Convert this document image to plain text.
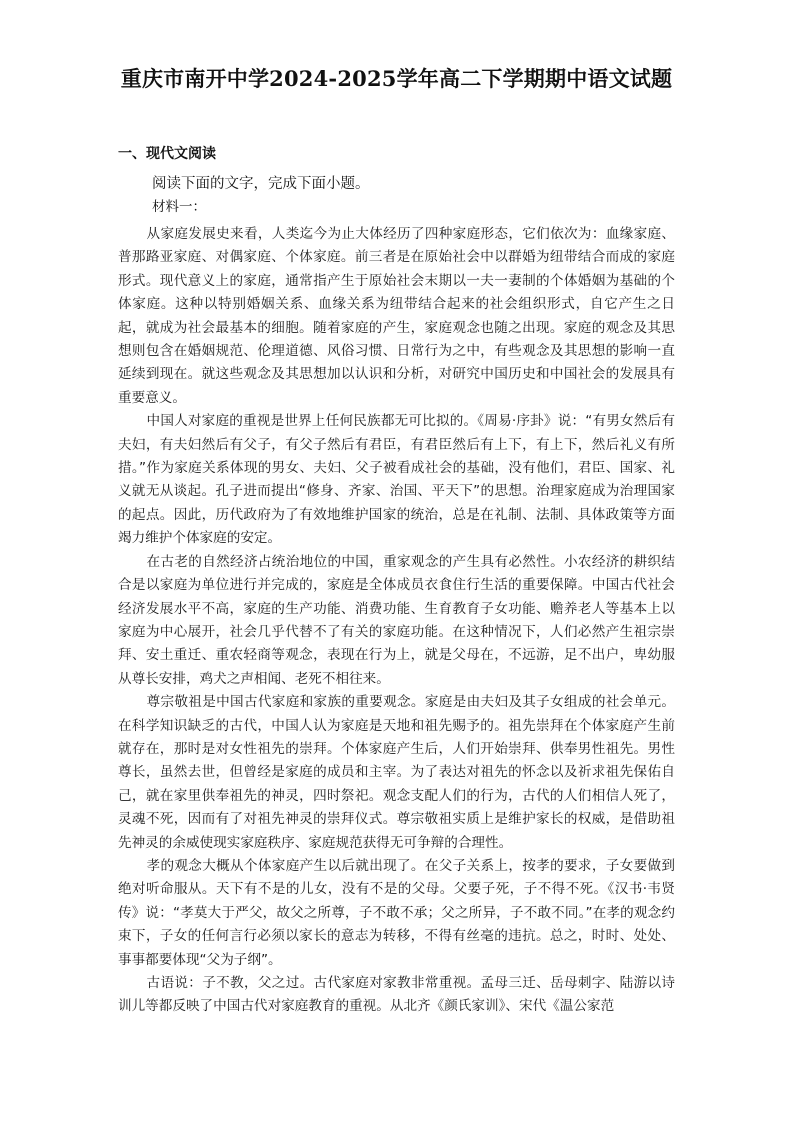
重庆市南开中学2024-2025学年高二下学期期中语文试题
一、现代文阅读
阅读下面的文字，完成下面小题。
材料一：

从家庭发展史来看，人类迄今为止大体经历了四种家庭形态，它们依次为：血缘家庭、普那路亚家庭、对偶家庭、个体家庭。前三者是在原始社会中以群婚为纽带结合而成的家庭形式。现代意义上的家庭，通常指产生于原始社会末期以一夫一妻制的个体婚姻为基础的个体家庭。这种以特别婚姻关系、血缘关系为纽带结合起来的社会组织形式，自它产生之日起，就成为社会最基本的细胞。随着家庭的产生，家庭观念也随之出现。家庭的观念及其思想则包含在婚姻规范、伦理道德、风俗习惯、日常行为之中，有些观念及其思想的影响一直延续到现在。就这些观念及其思想加以认识和分析，对研究中国历史和中国社会的发展具有重要意义。

中国人对家庭的重视是世界上任何民族都无可比拟的。《周易·序卦》说：“有男女然后有夫妇，有夫妇然后有父子，有父子然后有君臣，有君臣然后有上下，有上下，然后礼义有所措。”作为家庭关系体现的男女、夫妇、父子被看成社会的基础，没有他们，君臣、国家、礼义就无从谈起。孔子进而提出“修身、齐家、治国、平天下”的思想。治理家庭成为治理国家的起点。因此，历代政府为了有效地维护国家的统治，总是在礼制、法制、具体政策等方面竭力维护个体家庭的安定。

在古老的自然经济占统治地位的中国，重家观念的产生具有必然性。小农经济的耕织结合是以家庭为单位进行并完成的，家庭是全体成员衣食住行生活的重要保障。中国古代社会经济发展水平不高，家庭的生产功能、消费功能、生育教育子女功能、赡养老人等基本上以家庭为中心展开，社会几乎代替不了有关的家庭功能。在这种情况下，人们必然产生祖宗崇拜、安土重迁、重农轻商等观念，表现在行为上，就是父母在，不远游，足不出户，卑幼服从尊长安排，鸡犬之声相闻、老死不相往来。

尊宗敬祖是中国古代家庭和家族的重要观念。家庭是由夫妇及其子女组成的社会单元。在科学知识缺乏的古代，中国人认为家庭是天地和祖先赐予的。祖先崇拜在个体家庭产生前就存在，那时是对女性祖先的崇拜。个体家庭产生后，人们开始崇拜、供奉男性祖先。男性尊长，虽然去世，但曾经是家庭的成员和主宰。为了表达对祖先的怀念以及祈求祖先保佑自己，就在家里供奉祖先的神灵，四时祭祀。观念支配人们的行为，古代的人们相信人死了，灵魂不死，因而有了对祖先神灵的崇拜仪式。尊宗敬祖实质上是维护家长的权威，是借助祖先神灵的余威使现实家庭秩序、家庭规范获得无可争辩的合理性。

孝的观念大概从个体家庭产生以后就出现了。在父子关系上，按孝的要求，子女要做到绝对听命服从。天下有不是的儿女，没有不是的父母。父要子死，子不得不死。《汉书·韦贤传》说：“孝莫大于严父，故父之所尊，子不敢不承；父之所异，子不敢不同。”在孝的观念约束下，子女的任何言行必须以家长的意志为转移，不得有丝毫的违抗。总之，时时、处处、事事都要体现“父为子纲”。

古语说：子不教，父之过。古代家庭对家教非常重视。孟母三迁、岳母刺字、陆游以诗训儿等都反映了中国古代对家庭教育的重视。从北齐《颜氏家训》、宋代《温公家范
